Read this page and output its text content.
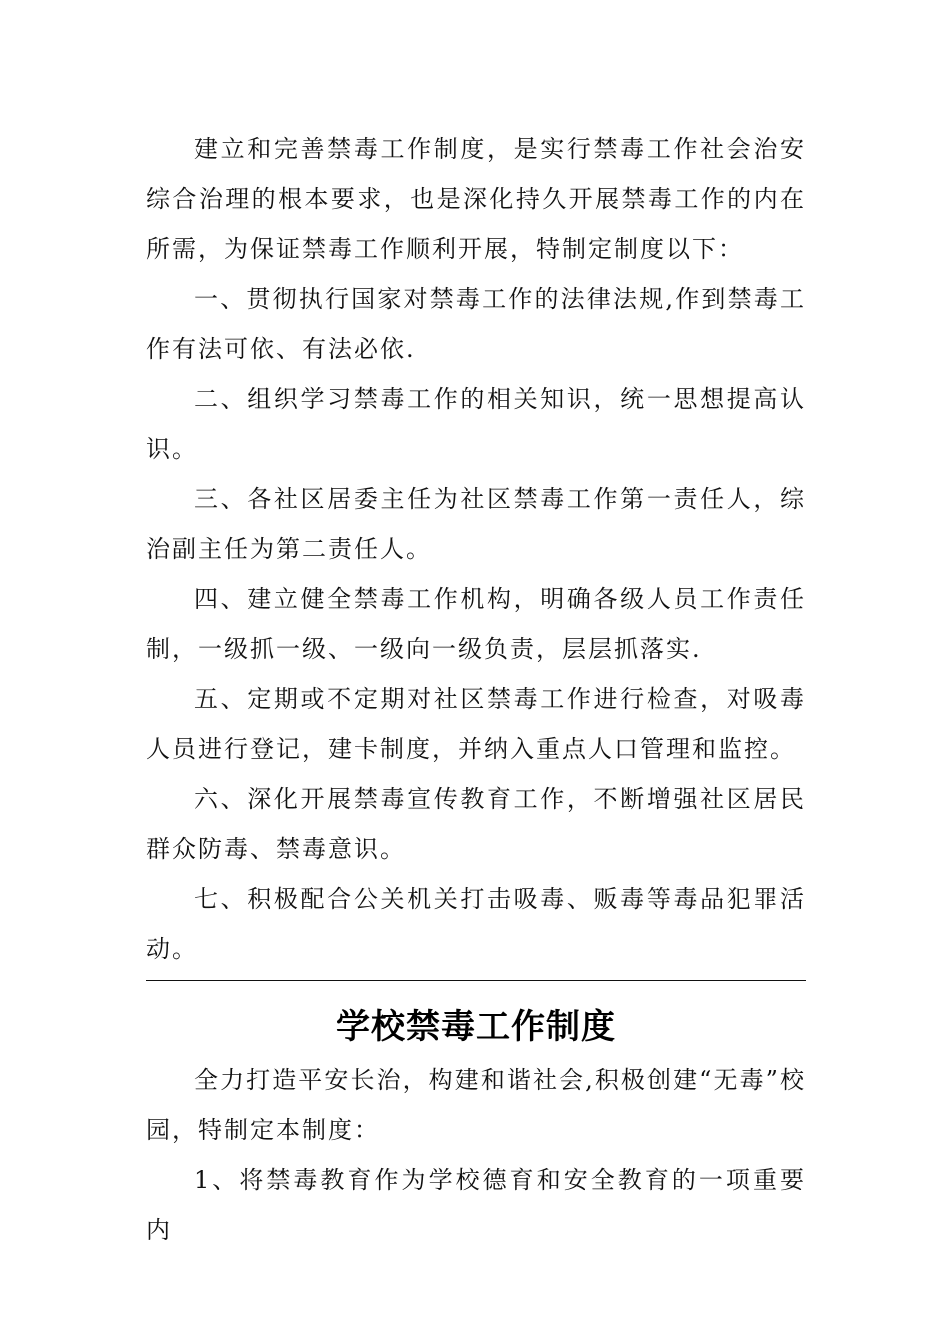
建立和完善禁毒工作制度，是实行禁毒工作社会治安综合治理的根本要求，也是深化持久开展禁毒工作的内在所需，为保证禁毒工作顺利开展，特制定制度以下：

一、贯彻执行国家对禁毒工作的法律法规,作到禁毒工作有法可依、有法必依.

二、组织学习禁毒工作的相关知识，统一思想提高认识。

三、各社区居委主任为社区禁毒工作第一责任人，综治副主任为第二责任人。

四、建立健全禁毒工作机构，明确各级人员工作责任制，一级抓一级、一级向一级负责，层层抓落实.

五、定期或不定期对社区禁毒工作进行检查，对吸毒人员进行登记，建卡制度，并纳入重点人口管理和监控。

六、深化开展禁毒宣传教育工作，不断增强社区居民群众防毒、禁毒意识。

七、积极配合公关机关打击吸毒、贩毒等毒品犯罪活动。

学校禁毒工作制度

全力打造平安长治，构建和谐社会,积极创建“无毒”校园，特制定本制度：

1、将禁毒教育作为学校德育和安全教育的一项重要内
